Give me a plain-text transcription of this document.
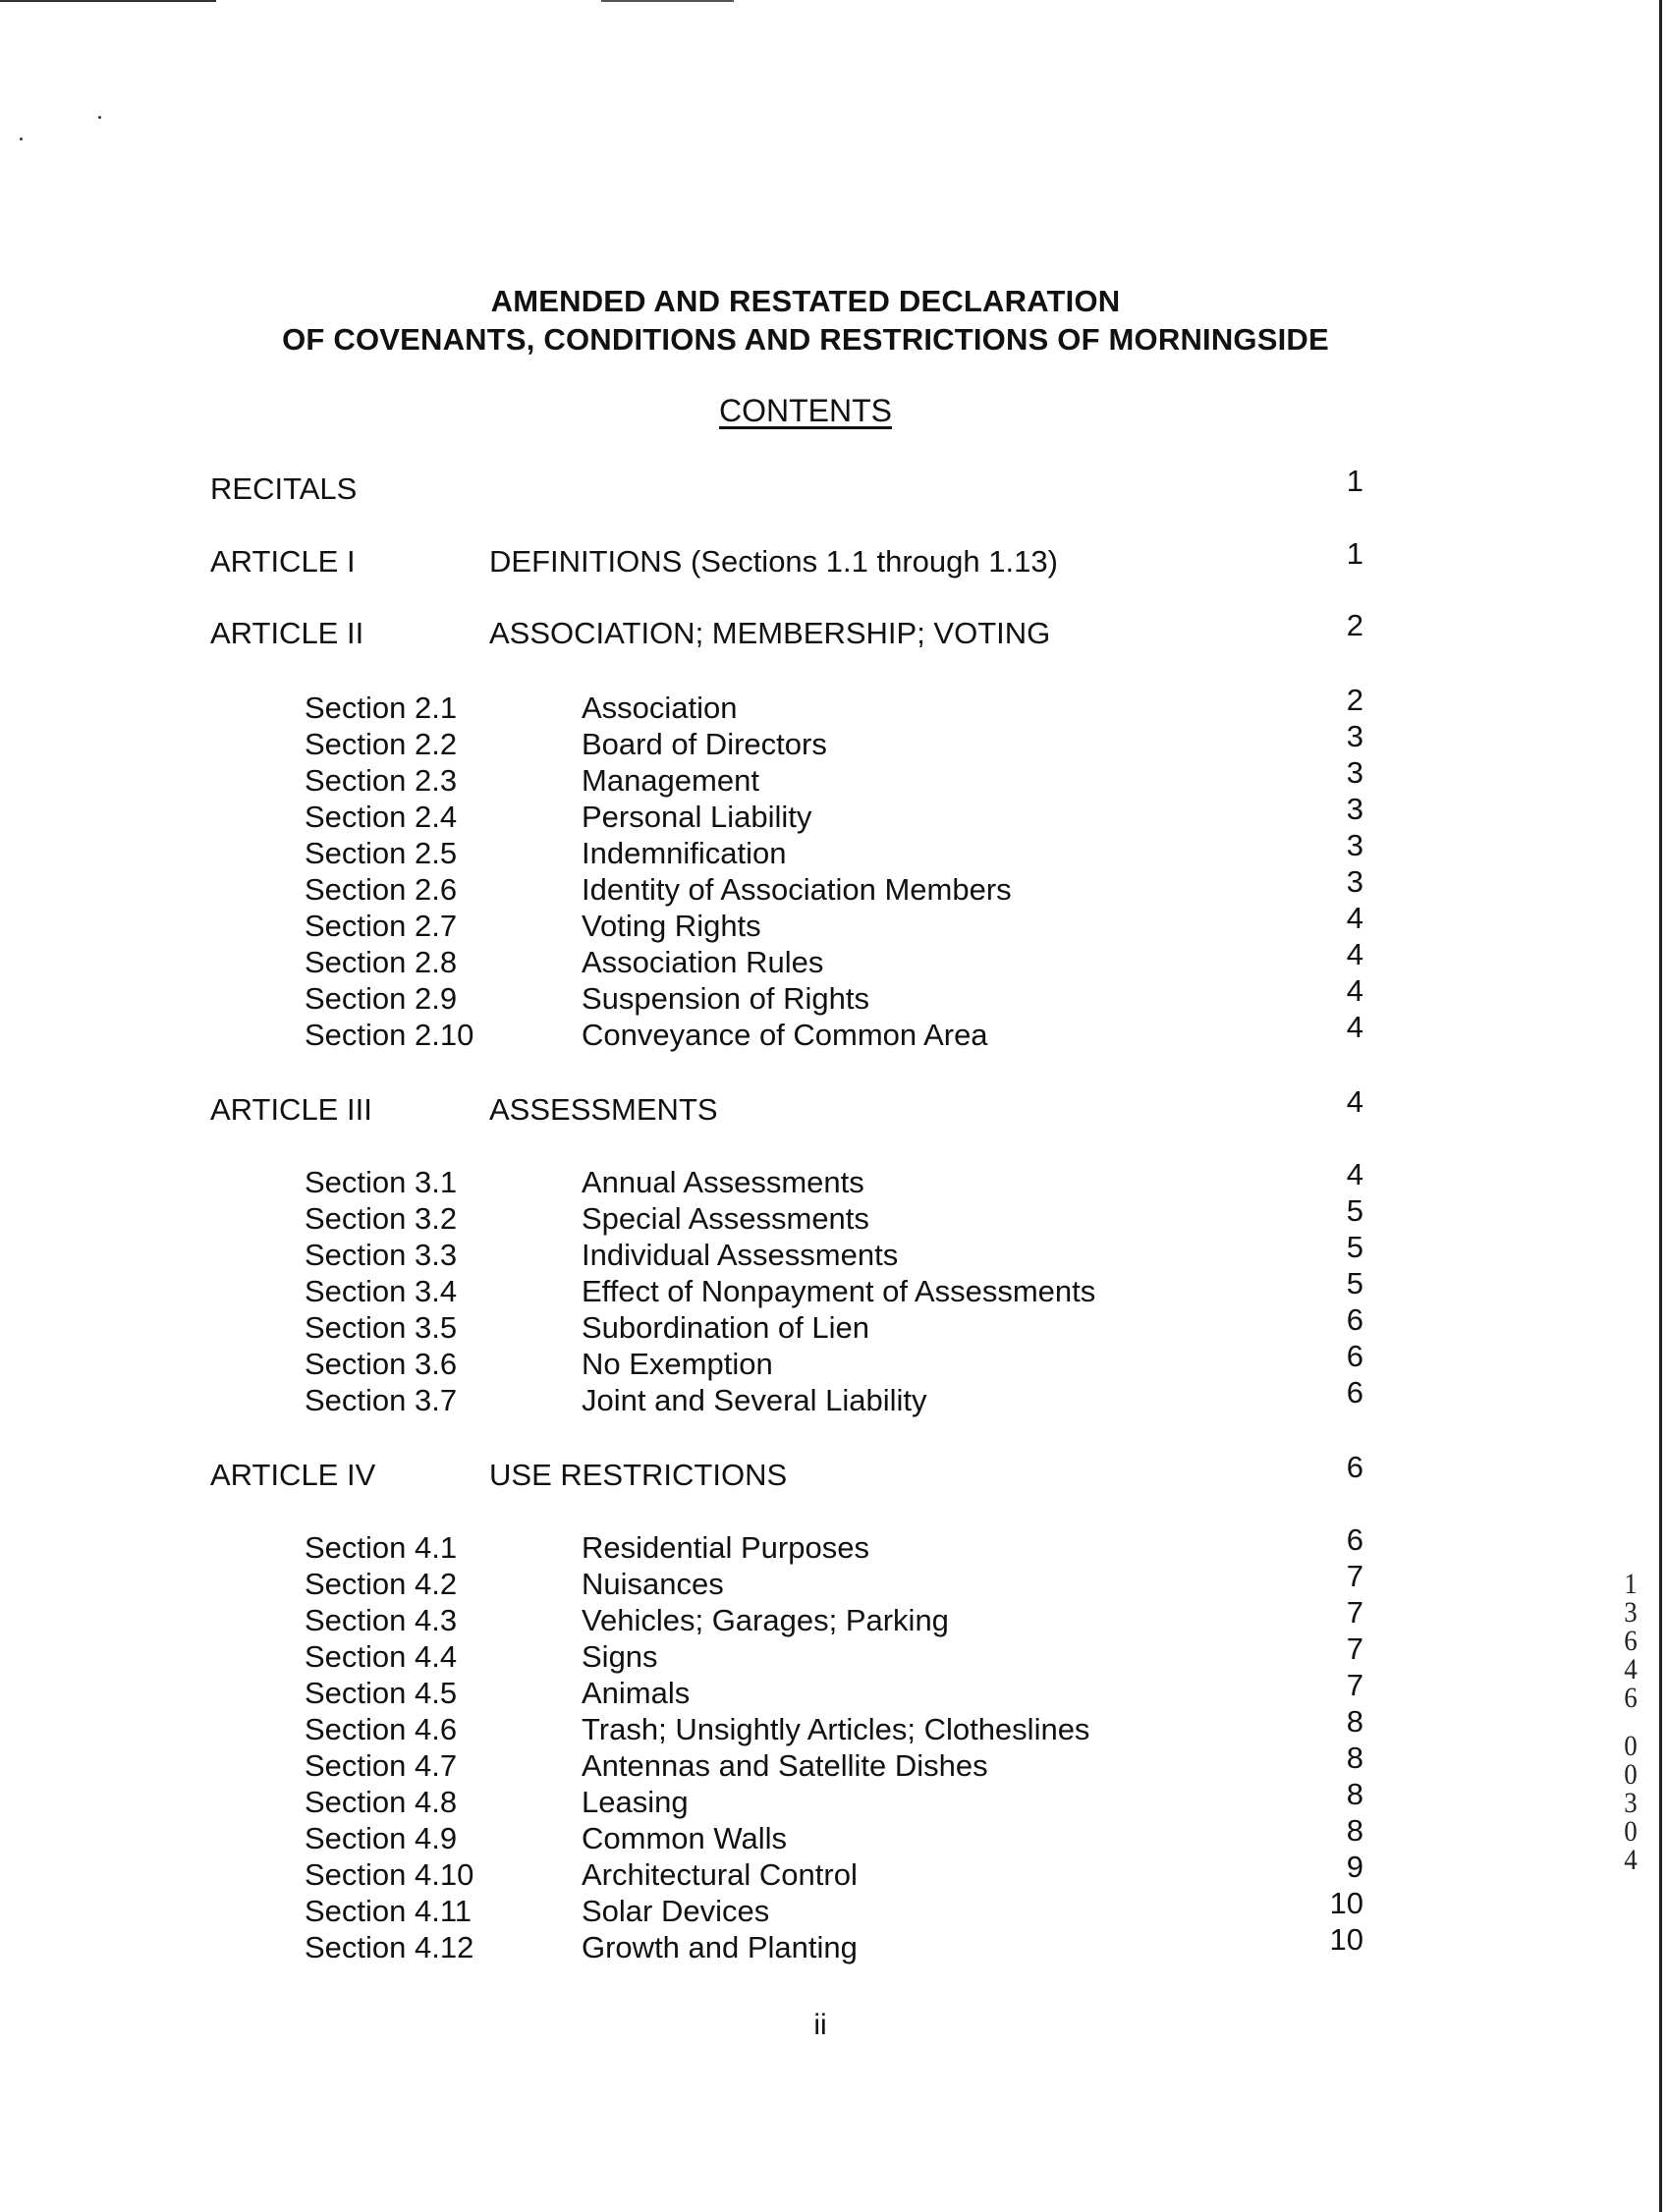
AMENDED AND RESTATED DECLARATION
OF COVENANTS, CONDITIONS AND RESTRICTIONS OF MORNINGSIDE
CONTENTS
RECITALS	1
ARTICLE I	DEFINITIONS (Sections 1.1 through 1.13)	1
ARTICLE II	ASSOCIATION; MEMBERSHIP; VOTING	2
Section 2.1	Association	2
Section 2.2	Board of Directors	3
Section 2.3	Management	3
Section 2.4	Personal Liability	3
Section 2.5	Indemnification	3
Section 2.6	Identity of Association Members	3
Section 2.7	Voting Rights	4
Section 2.8	Association Rules	4
Section 2.9	Suspension of Rights	4
Section 2.10	Conveyance of Common Area	4
ARTICLE III	ASSESSMENTS	4
Section 3.1	Annual Assessments	4
Section 3.2	Special Assessments	5
Section 3.3	Individual Assessments	5
Section 3.4	Effect of Nonpayment of Assessments	5
Section 3.5	Subordination of Lien	6
Section 3.6	No Exemption	6
Section 3.7	Joint and Several Liability	6
ARTICLE IV	USE RESTRICTIONS	6
Section 4.1	Residential Purposes	6
Section 4.2	Nuisances	7
Section 4.3	Vehicles; Garages; Parking	7
Section 4.4	Signs	7
Section 4.5	Animals	7
Section 4.6	Trash; Unsightly Articles; Clotheslines	8
Section 4.7	Antennas and Satellite Dishes	8
Section 4.8	Leasing	8
Section 4.9	Common Walls	8
Section 4.10	Architectural Control	9
Section 4.11	Solar Devices	10
Section 4.12	Growth and Planting	10
1
3
6
4
6
0
0
3
0
4
ii
